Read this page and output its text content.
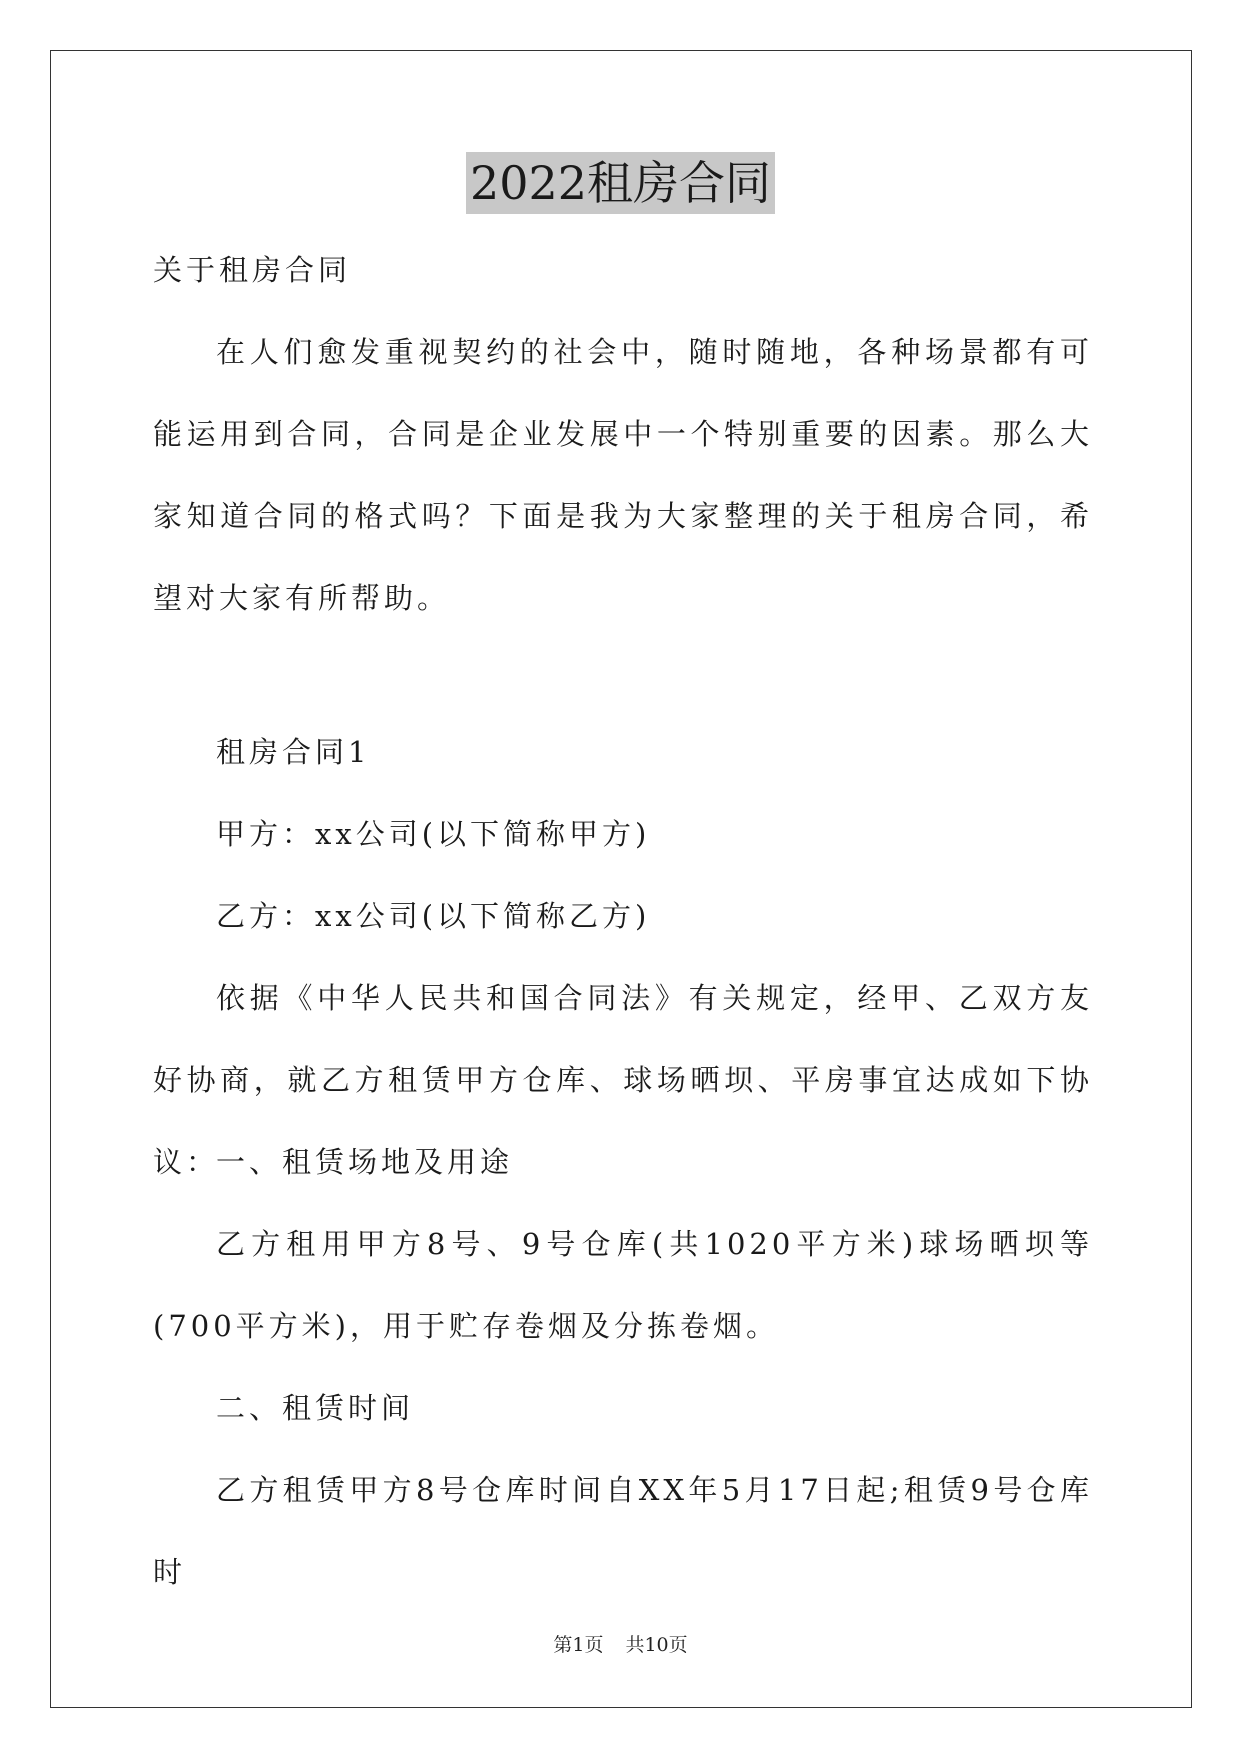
2022租房合同

关于租房合同

在人们愈发重视契约的社会中，随时随地，各种场景都有可能运用到合同，合同是企业发展中一个特别重要的因素。那么大家知道合同的格式吗？下面是我为大家整理的关于租房合同，希望对大家有所帮助。

租房合同1

甲方：xx公司(以下简称甲方)

乙方：xx公司(以下简称乙方)

依据《中华人民共和国合同法》有关规定，经甲、乙双方友好协商，就乙方租赁甲方仓库、球场晒坝、平房事宜达成如下协议：

一、租赁场地及用途

乙方租用甲方8号、9号仓库(共1020平方米)球场晒坝等(700平方米)，用于贮存卷烟及分拣卷烟。

二、租赁时间

乙方租赁甲方8号仓库时间自XX年5月17日起;租赁9号仓库时

第1页 共10页
